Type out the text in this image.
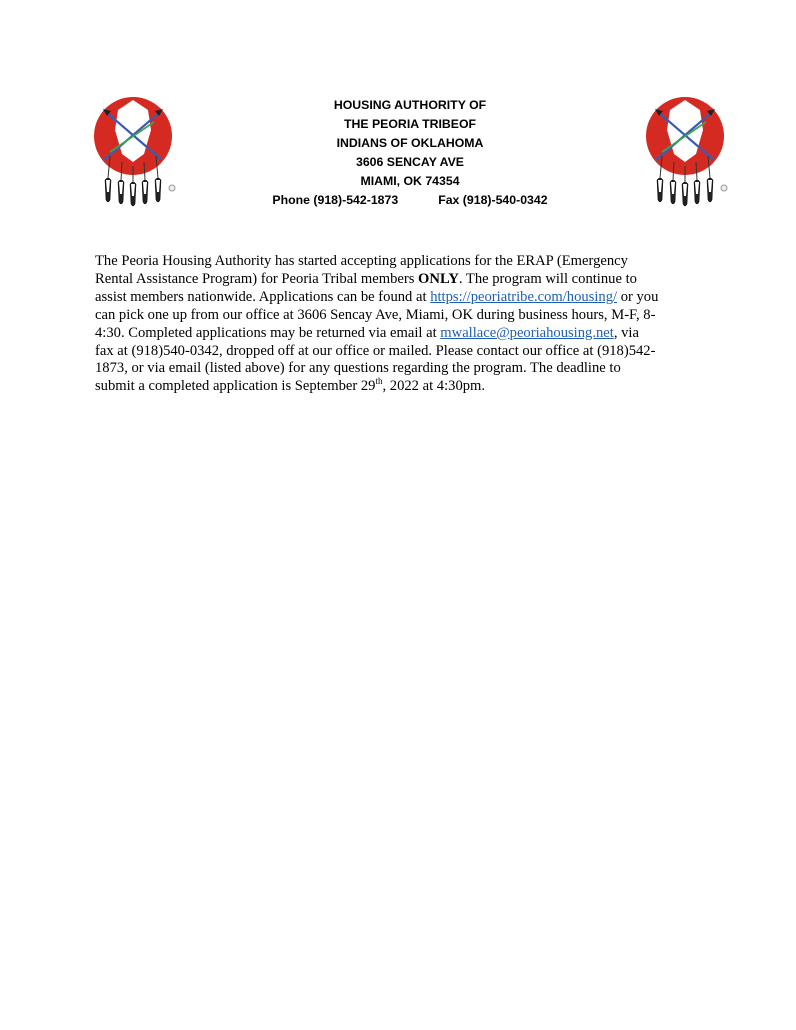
HOUSING AUTHORITY OF
THE PEORIA TRIBEOF
INDIANS OF OKLAHOMA
3606 SENCAY AVE
MIAMI, OK 74354
Phone (918)-542-1873	Fax (918)-540-0342
The Peoria Housing Authority has started accepting applications for the ERAP (Emergency
Rental Assistance Program) for Peoria Tribal members ONLY. The program will continue to
assist members nationwide. Applications can be found at https://peoriatribe.com/housing/ or you
can pick one up from our office at 3606 Sencay Ave, Miami, OK during business hours, M-F, 8-
4:30. Completed applications may be returned via email at mwallace@peoriahousing.net, via
fax at (918)540-0342, dropped off at our office or mailed. Please contact our office at (918)542-
1873, or via email (listed above) for any questions regarding the program. The deadline to
submit a completed application is September 29th, 2022 at 4:30pm.
